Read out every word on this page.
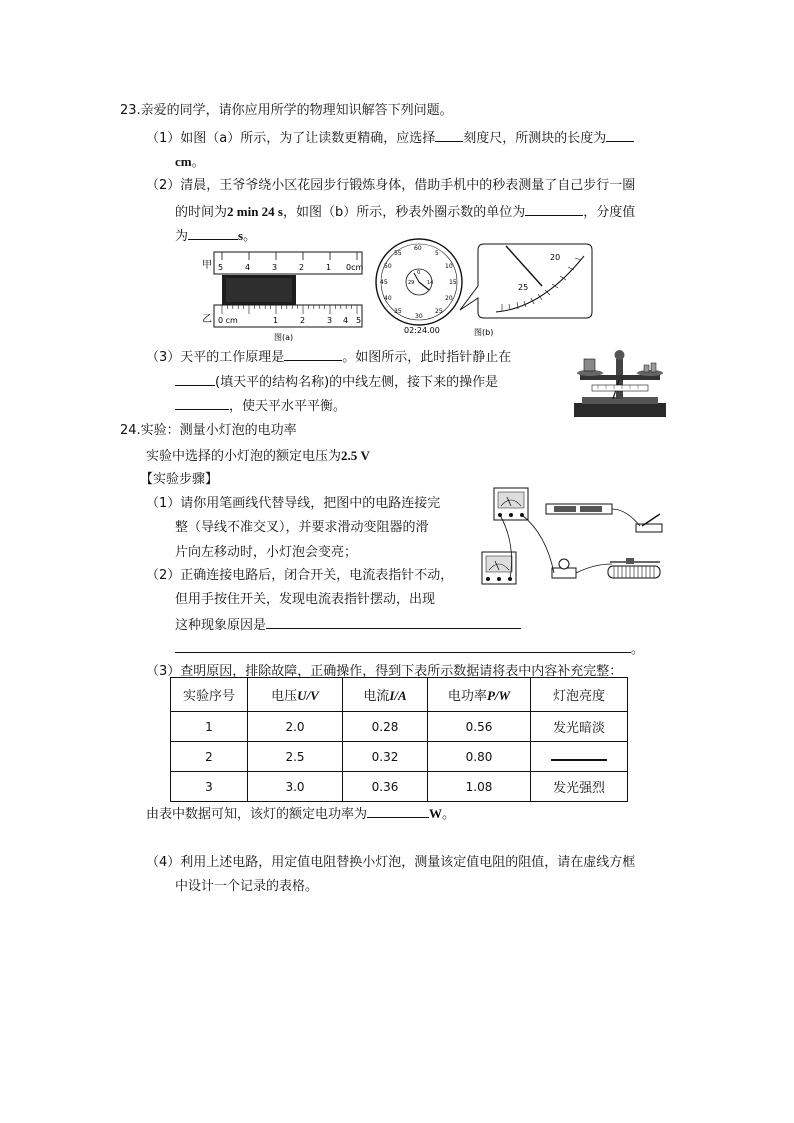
23.亲爱的同学，请你应用所学的物理知识解答下列问题。
（1）如图（a）所示，为了让读数更精确，应选择 刻度尺，所测块的长度为
cm。
（2）清晨，王爷爷绕小区花园步行锻炼身体，借助手机中的秒表测量了自己步行一圈
的时间为2 min 24 s，如图（b）所示，秒表外圈示数的单位为	，分度值
为	s。
甲 5	4	3	2	1 0cm
乙 0 cm	1	2	3 4 5
图(a)
60
5
10
15
20
25
30
35
40
45
50
55
0
14
29
02:24.00
20
25
图(b)
（3）天平的工作原理是	。如图所示，此时指针静止在
(填天平的结构名称)的中线左侧，接下来的操作是
，使天平水平平衡。
24.实验：测量小灯泡的电功率
实验中选择的小灯泡的额定电压为2.5 V
【实验步骤】
（1）请你用笔画线代替导线，把图中的电路连接完
整（导线不准交叉），并要求滑动变阻器的滑
片向左移动时，小灯泡会变亮；
（2）正确连接电路后，闭合开关，电流表指针不动，
但用手按住开关，发现电流表指针摆动，出现
这种现象原因是
。
（3）查明原因，排除故障，正确操作，得到下表所示数据请将表中内容补充完整：
实验序号	电压U/V	电流I/A	电功率P/W	灯泡亮度
1	2.0	0.28	0.56	发光暗淡
2	2.5	0.32	0.80	
3	3.0	0.36	1.08	发光强烈
由表中数据可知，该灯的额定电功率为	W。
（4）利用上述电路，用定值电阻替换小灯泡，测量该定值电阻的阻值，请在虚线方框
中设计一个记录的表格。
